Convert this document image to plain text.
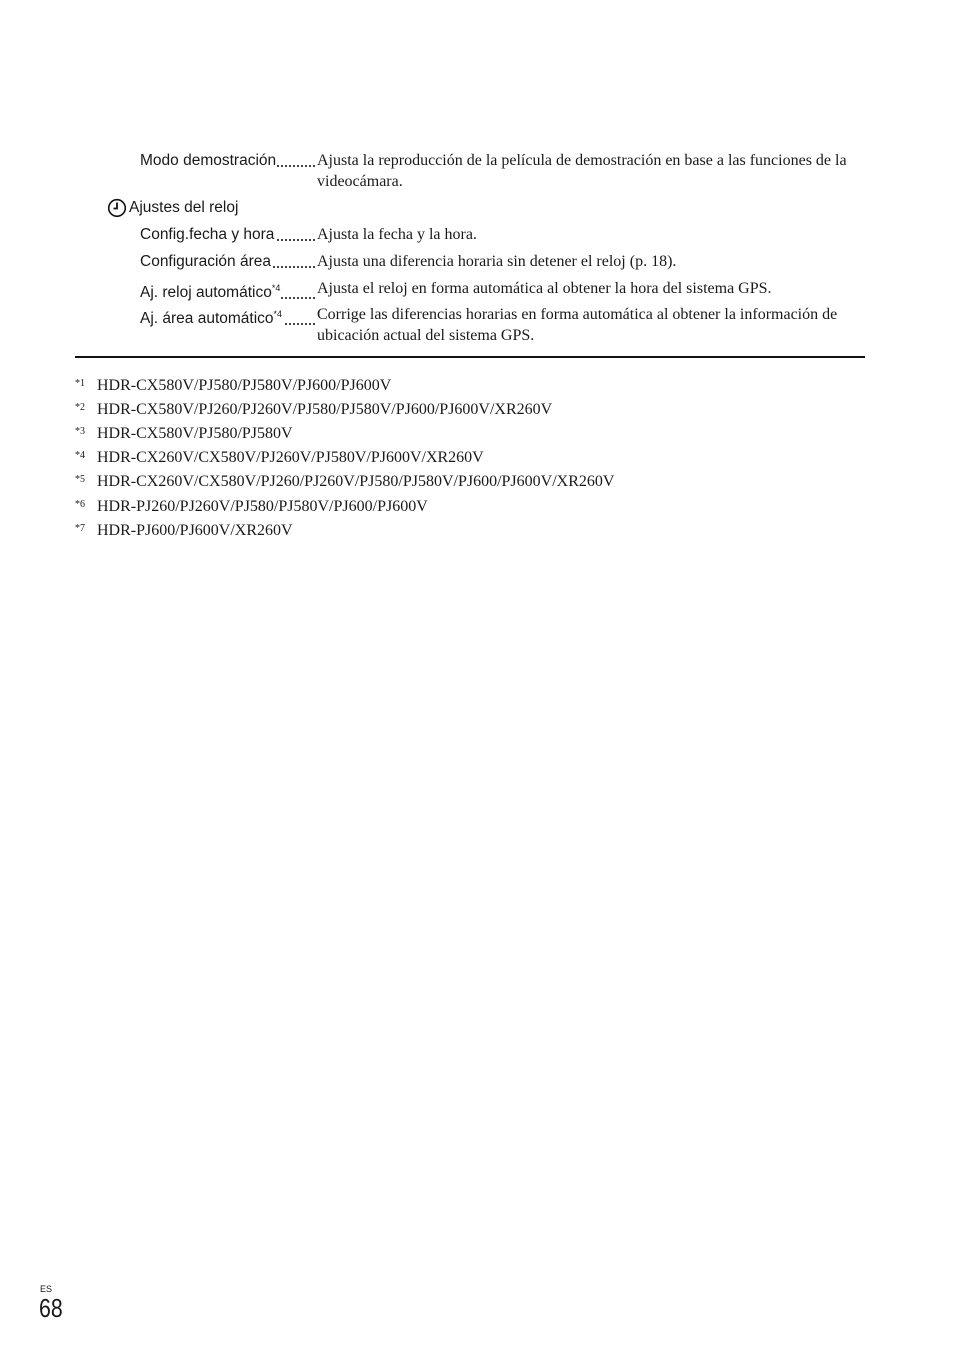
Modo demostración	Ajusta la reproducción de la película de demostración en base a las funciones de la videocámara.
Ajustes del reloj
Config.fecha y hora	Ajusta la fecha y la hora.
Configuración área	Ajusta una diferencia horaria sin detener el reloj (p. 18).
Aj. reloj automático$^{*4}$	Ajusta el reloj en forma automática al obtener la hora del sistema GPS.
Aj. área automático$^{*4}$	Corrige las diferencias horarias en forma automática al obtener la información de ubicación actual del sistema GPS.
*1 HDR-CX580V/PJ580/PJ580V/PJ600/PJ600V
*2 HDR-CX580V/PJ260/PJ260V/PJ580/PJ580V/PJ600/PJ600V/XR260V
*3 HDR-CX580V/PJ580/PJ580V
*4 HDR-CX260V/CX580V/PJ260V/PJ580V/PJ600V/XR260V
*5 HDR-CX260V/CX580V/PJ260/PJ260V/PJ580/PJ580V/PJ600/PJ600V/XR260V
*6 HDR-PJ260/PJ260V/PJ580/PJ580V/PJ600/PJ600V
*7 HDR-PJ600/PJ600V/XR260V
ES
68
